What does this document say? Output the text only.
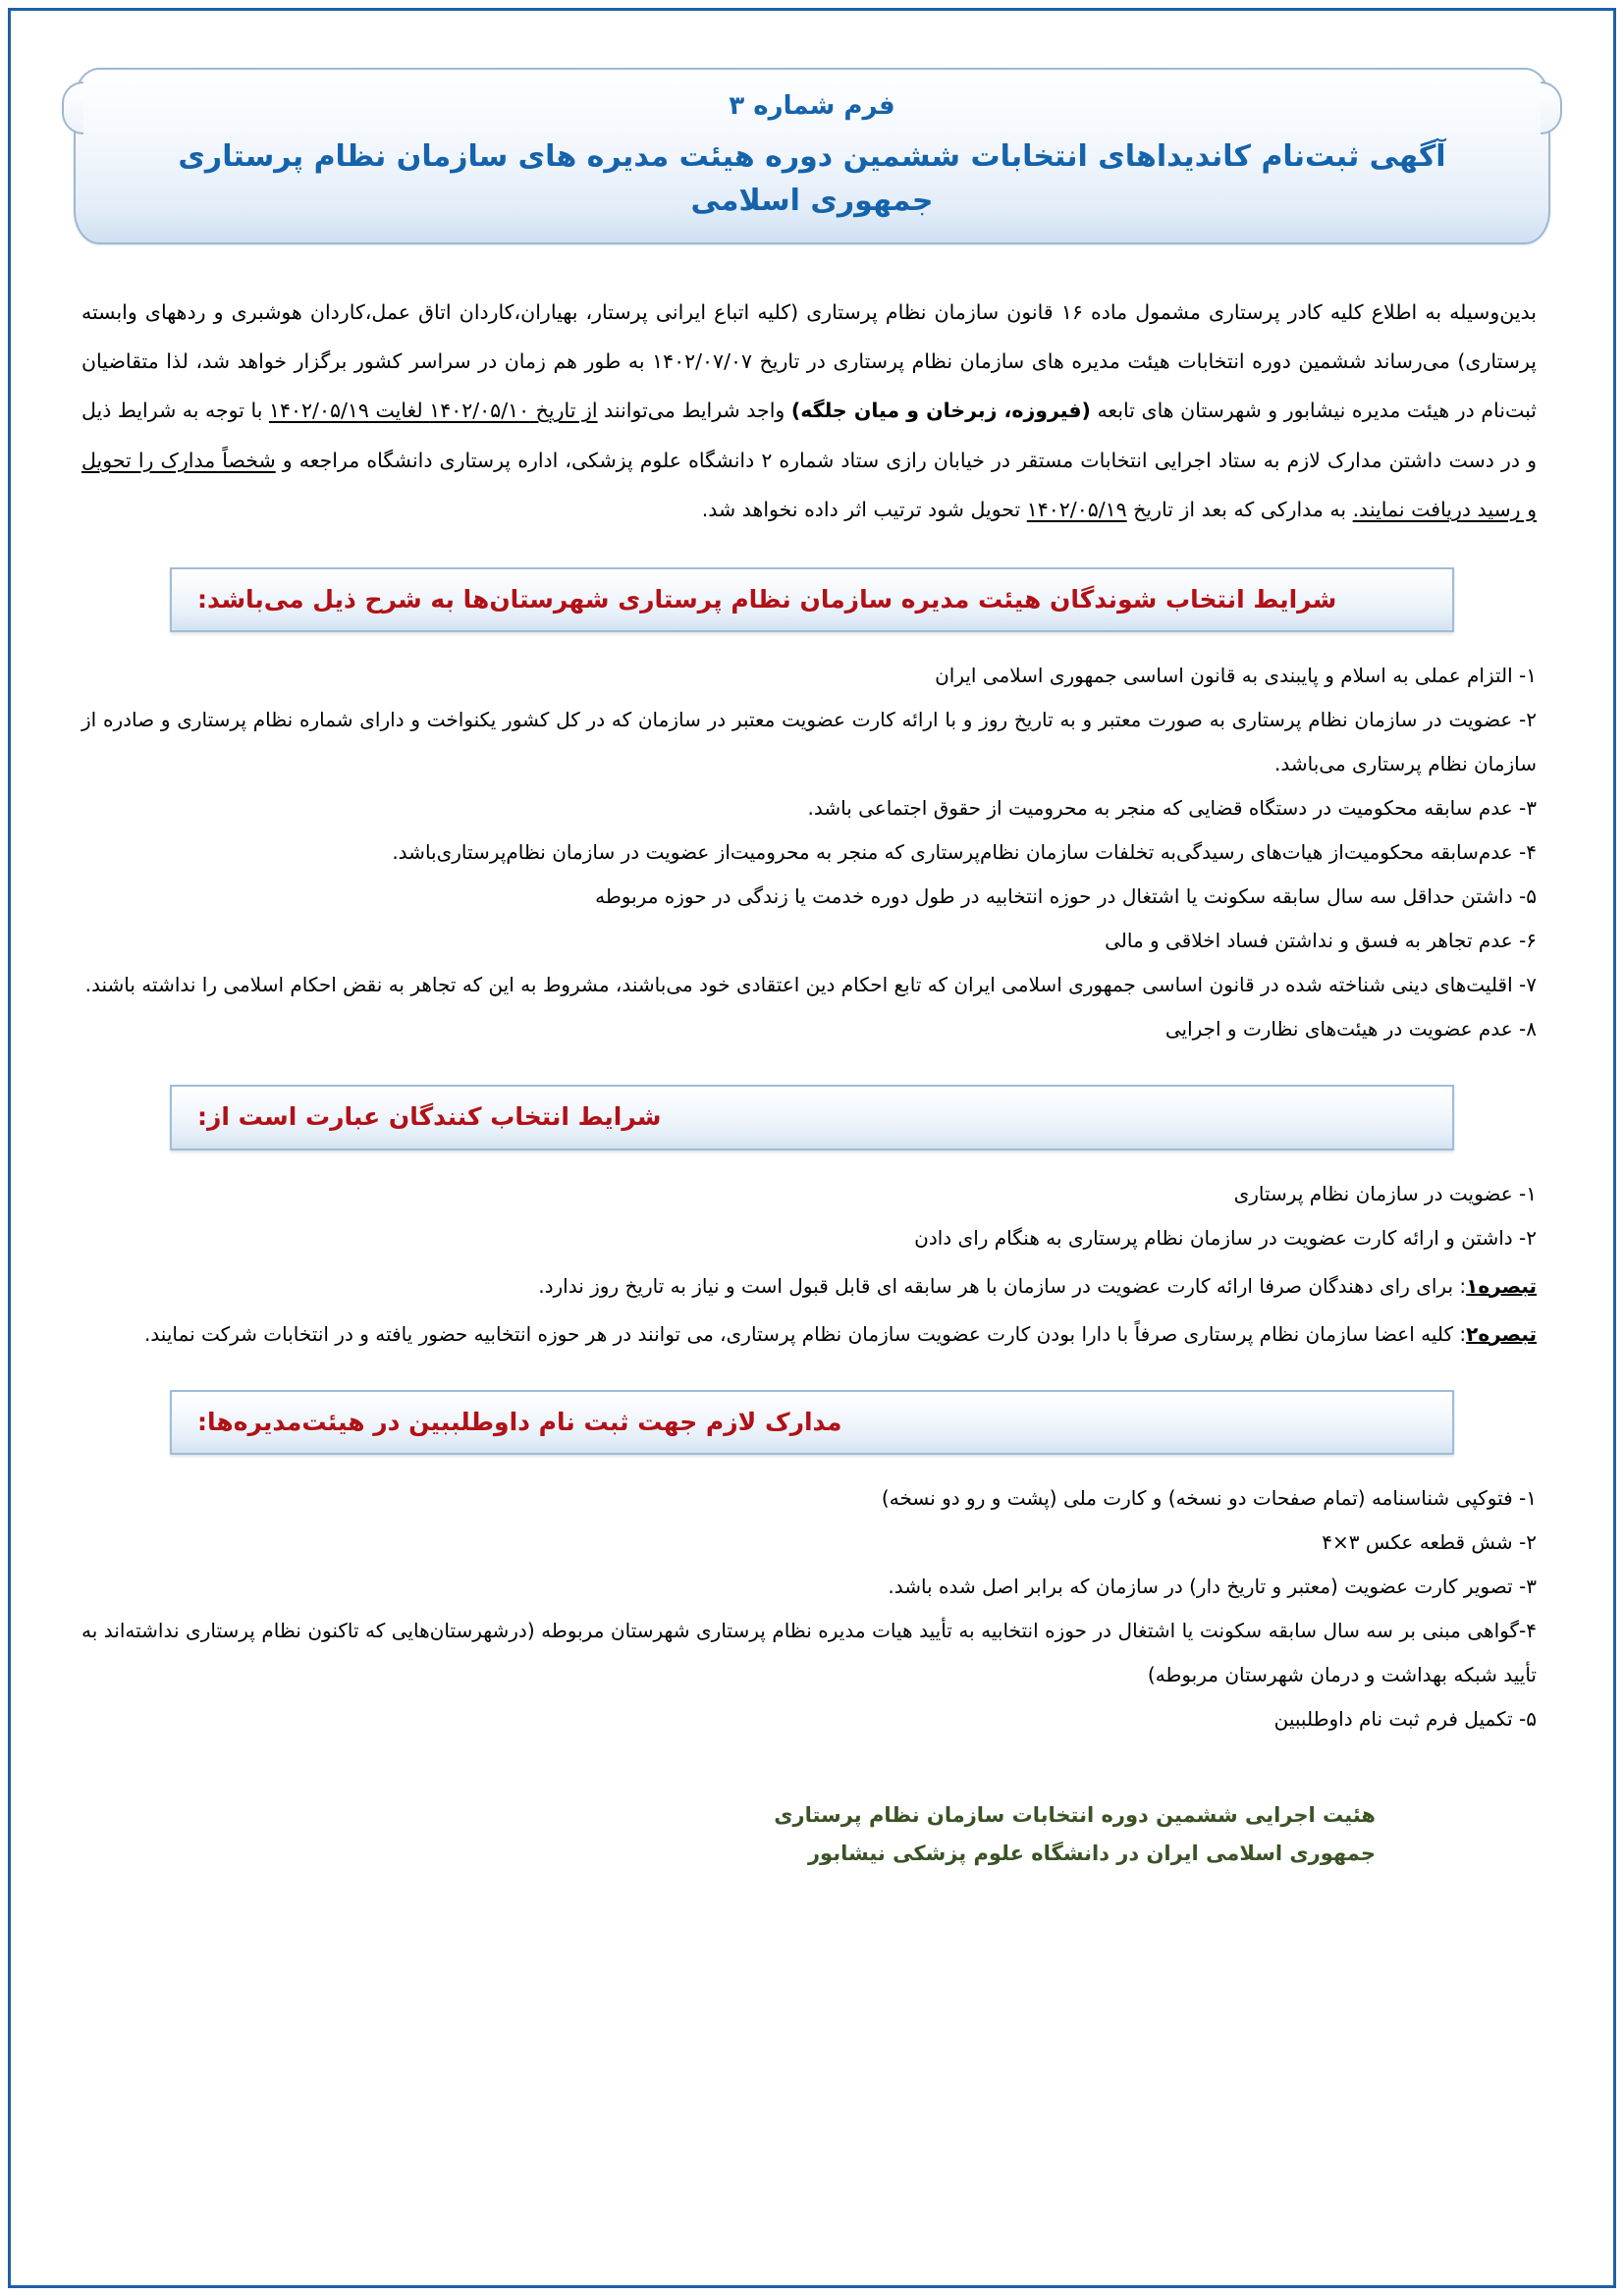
فرم شماره ۳
آگهی ثبت‌نام کاندیداهای انتخابات ششمین دوره هیئت مدیره های سازمان نظام پرستاری جمهوری اسلامی
بدین‌وسیله به اطلاع کلیه کادر پرستاری مشمول ماده ۱۶ قانون سازمان نظام پرستاری (کلیه اتباع ایرانی پرستار، بهیاران،کاردان اتاق عمل،کاردان هوشبری و ردههای وابسته پرستاری) می‌رساند ششمین دوره انتخابات هیئت مدیره های سازمان نظام پرستاری در تاریخ ۱۴۰۲/۰۷/۰۷ به طور هم زمان در سراسر کشور برگزار خواهد شد، لذا متقاضیان ثبت‌نام در هیئت مدیره نیشابور و شهرستان های تابعه (فیروزه، زبرخان و میان جلگه) واجد شرایط می‌توانند از تاریخ ۱۴۰۲/۰۵/۱۰ لغایت ۱۴۰۲/۰۵/۱۹ با توجه به شرایط ذیل و در دست داشتن مدارک لازم به ستاد اجرایی انتخابات مستقر در خیابان رازی ستاد شماره ۲ دانشگاه علوم پزشکی، اداره پرستاری دانشگاه مراجعه و شخصاً مدارک را تحویل و رسید دریافت نمایند. به مدارکی که بعد از تاریخ ۱۴۰۲/۰۵/۱۹ تحویل شود ترتیب اثر داده نخواهد شد.
شرایط انتخاب شوندگان هیئت مدیره سازمان نظام پرستاری شهرستان‌ها به شرح ذیل می‌باشد:
۱- التزام عملی به اسلام و پایبندی به قانون اساسی جمهوری اسلامی ایران
۲- عضویت در سازمان نظام پرستاری به صورت معتبر و به تاریخ روز و با ارائه کارت عضویت معتبر در سازمان که در کل کشور یکنواخت و دارای شماره نظام پرستاری و صادره از سازمان نظام پرستاری می‌باشد.
۳- عدم سابقه محکومیت در دستگاه قضایی که منجر به محرومیت از حقوق اجتماعی باشد.
۴- عدم‌سابقه محکومیت‌از هیات‌های رسیدگی‌به تخلفات سازمان نظام‌پرستاری که منجر به محرومیت‌از عضویت در سازمان نظام‌پرستاری‌باشد.
۵- داشتن حداقل سه سال سابقه سکونت یا اشتغال در حوزه انتخابیه در طول دوره خدمت یا زندگی در حوزه مربوطه
۶- عدم تجاهر به فسق و نداشتن فساد اخلاقی و مالی
۷- اقلیت‌های دینی شناخته شده در قانون اساسی جمهوری اسلامی ایران که تابع احکام دین اعتقادی خود می‌باشند، مشروط به این که تجاهر به نقض احکام اسلامی را نداشته باشند.
۸- عدم عضویت در هیئت‌های نظارت و اجرایی
شرایط انتخاب کنندگان عبارت است از:
۱- عضویت در سازمان نظام پرستاری
۲- داشتن و ارائه کارت عضویت در سازمان نظام پرستاری به هنگام رای دادن
تبصره۱: برای رای دهندگان صرفا ارائه کارت عضویت در سازمان با هر سابقه ای قابل قبول است و نیاز به تاریخ روز ندارد.
تبصره۲: کلیه اعضا سازمان نظام پرستاری صرفاً با دارا بودن کارت عضویت سازمان نظام پرستاری، می توانند در هر حوزه انتخابیه حضور یافته و در انتخابات شرکت نمایند.
مدارک لازم جهت ثبت نام داوطلببین در هیئت‌مدیره‌ها:
۱- فتوکپی شناسنامه (تمام صفحات دو نسخه) و کارت ملی (پشت و رو دو نسخه)
۲- شش قطعه عکس ۳×۴
۳- تصویر کارت عضویت (معتبر و تاریخ دار) در سازمان که برابر اصل شده باشد.
۴-گواهی مبنی بر سه سال سابقه سکونت یا اشتغال در حوزه انتخابیه به تأیید هیات مدیره نظام پرستاری شهرستان مربوطه (درشهرستان‌هایی که تاکنون نظام پرستاری نداشته‌اند به تأیید شبکه بهداشت و درمان شهرستان مربوطه)
۵- تکمیل فرم ثبت نام داوطلببین
هئیت اجرایی ششمین دوره انتخابات سازمان نظام پرستاری
جمهوری اسلامی ایران در دانشگاه علوم پزشکی نیشابور
